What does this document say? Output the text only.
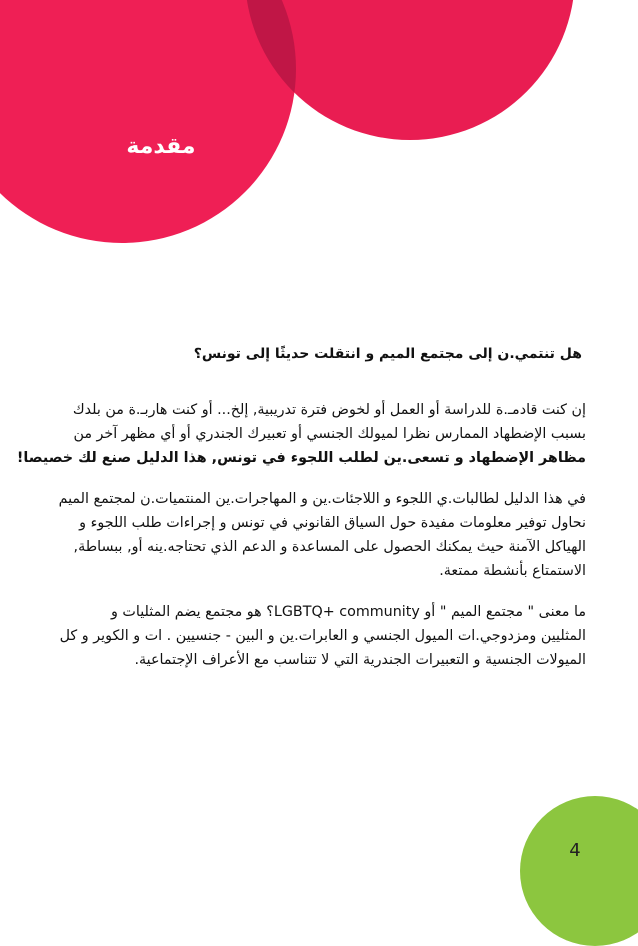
مقدمة
هل تنتمي.ن إلى مجتمع الميم و انتقلت حديثًا إلى تونس؟
إن كنت قادمـ.ة للدراسة أو العمل أو لخوض فترة تدريبية, إلخ... أو كنت هاربـ.ة من بلدك
بسبب الإضطهاد الممارس نظرا لميولك الجنسي أو تعبيرك الجندري أو أي مظهر آخر من
مظاهر الإضطهاد و تسعى.ين لطلب اللجوء في تونس, هذا الدليل صنع لك خصيصا!
في هذا الدليل لطالبات.ي اللجوء و اللاجئات.ين و المهاجرات.ين المنتميات.ن لمجتمع الميم
نحاول توفير معلومات مفيدة حول السياق القانوني في تونس و إجراءات طلب اللجوء و
الهياكل الآمنة حيث يمكنك الحصول على المساعدة و الدعم الذي تحتاجه.ينه أو, ببساطة,
الاستمتاع بأنشطة ممتعة.
ما معنى " مجتمع الميم " أو LGBTQ+ community؟ هو مجتمع يضم المثليات و
المثليين ومزدوجي.ات الميول الجنسي و العابرات.ين و البين - جنسيين . ات و الكوير و كل
الميولات الجنسية و التعبيرات الجندرية التي لا تتناسب مع الأعراف الإجتماعية.
4
